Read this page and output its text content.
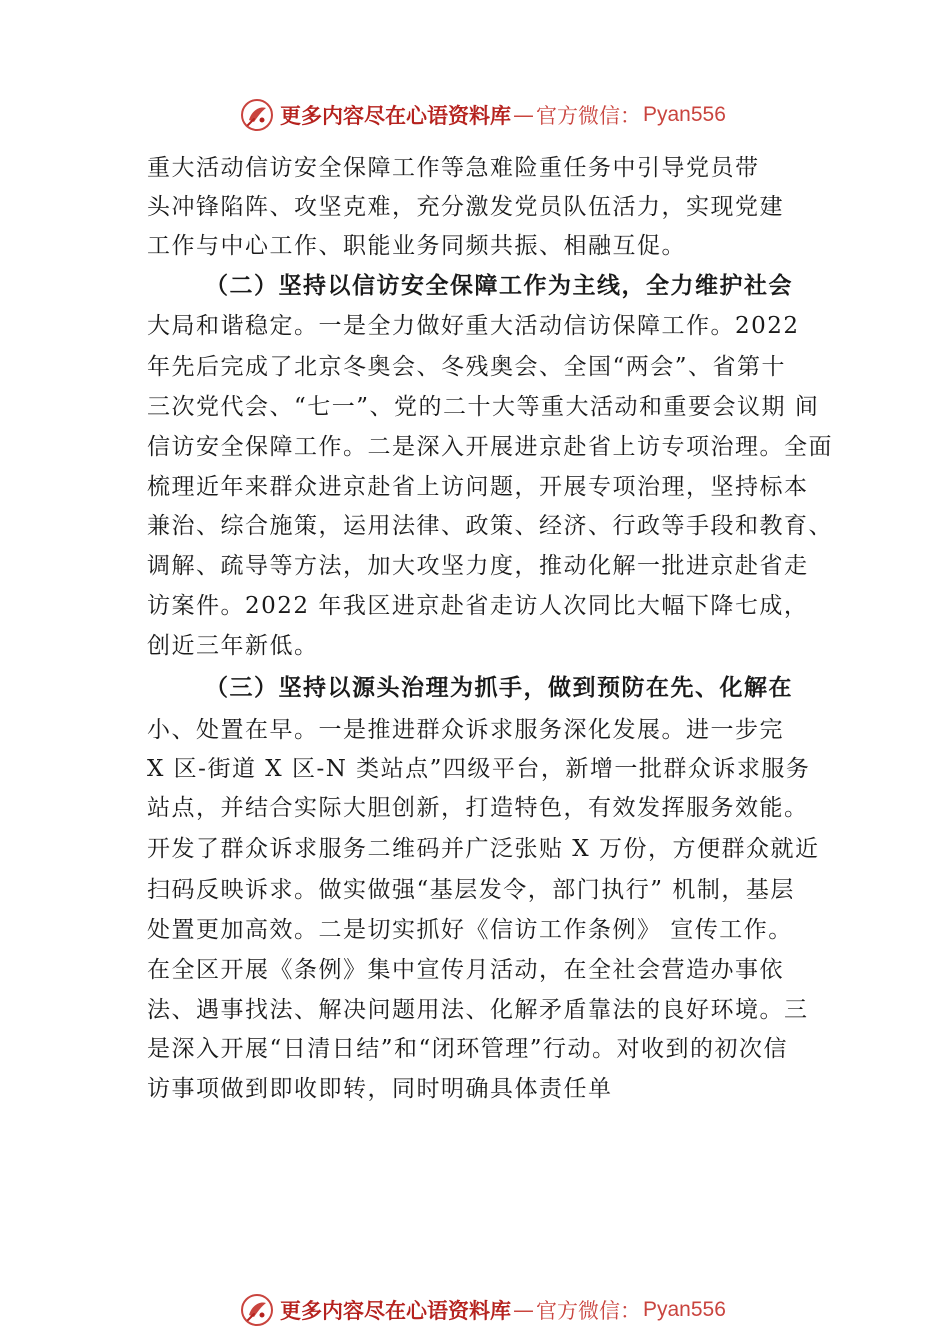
更多内容尽在心语资料库 — 官方微信： Pyan556
重大活动信访安全保障工作等急难险重任务中引导党员带
头冲锋陷阵、攻坚克难，充分激发党员队伍活力，实现党建
工作与中心工作、职能业务同频共振、相融互促。
（二）坚持以信访安全保障工作为主线，全力维护社会
大局和谐稳定。一是全力做好重大活动信访保障工作。2022
年先后完成了北京冬奥会、冬残奥会、全国“两会”、省第十
三次党代会、“七一”、党的二十大等重大活动和重要会议期 间
信访安全保障工作。二是深入开展进京赴省上访专项治理。全面
梳理近年来群众进京赴省上访问题，开展专项治理，坚持标本
兼治、综合施策，运用法律、政策、经济、行政等手段和教育、
调解、疏导等方法，加大攻坚力度，推动化解一批进京赴省走
访案件。2022 年我区进京赴省走访人次同比大幅下降七成，
创近三年新低。
（三）坚持以源头治理为抓手，做到预防在先、化解在
小、处置在早。一是推进群众诉求服务深化发展。进一步完
X 区-街道 X 区-N 类站点”四级平台，新增一批群众诉求服务
站点，并结合实际大胆创新，打造特色，有效发挥服务效能。
开发了群众诉求服务二维码并广泛张贴 X 万份，方便群众就近
扫码反映诉求。做实做强“基层发令，部门执行” 机制，基层
处置更加高效。二是切实抓好《信访工作条例》 宣传工作。
在全区开展《条例》集中宣传月活动，在全社会营造办事依
法、遇事找法、解决问题用法、化解矛盾靠法的良好环境。三
是深入开展“日清日结”和“闭环管理”行动。对收到的初次信
访事项做到即收即转，同时明确具体责任单
更多内容尽在心语资料库 — 官方微信： Pyan556
